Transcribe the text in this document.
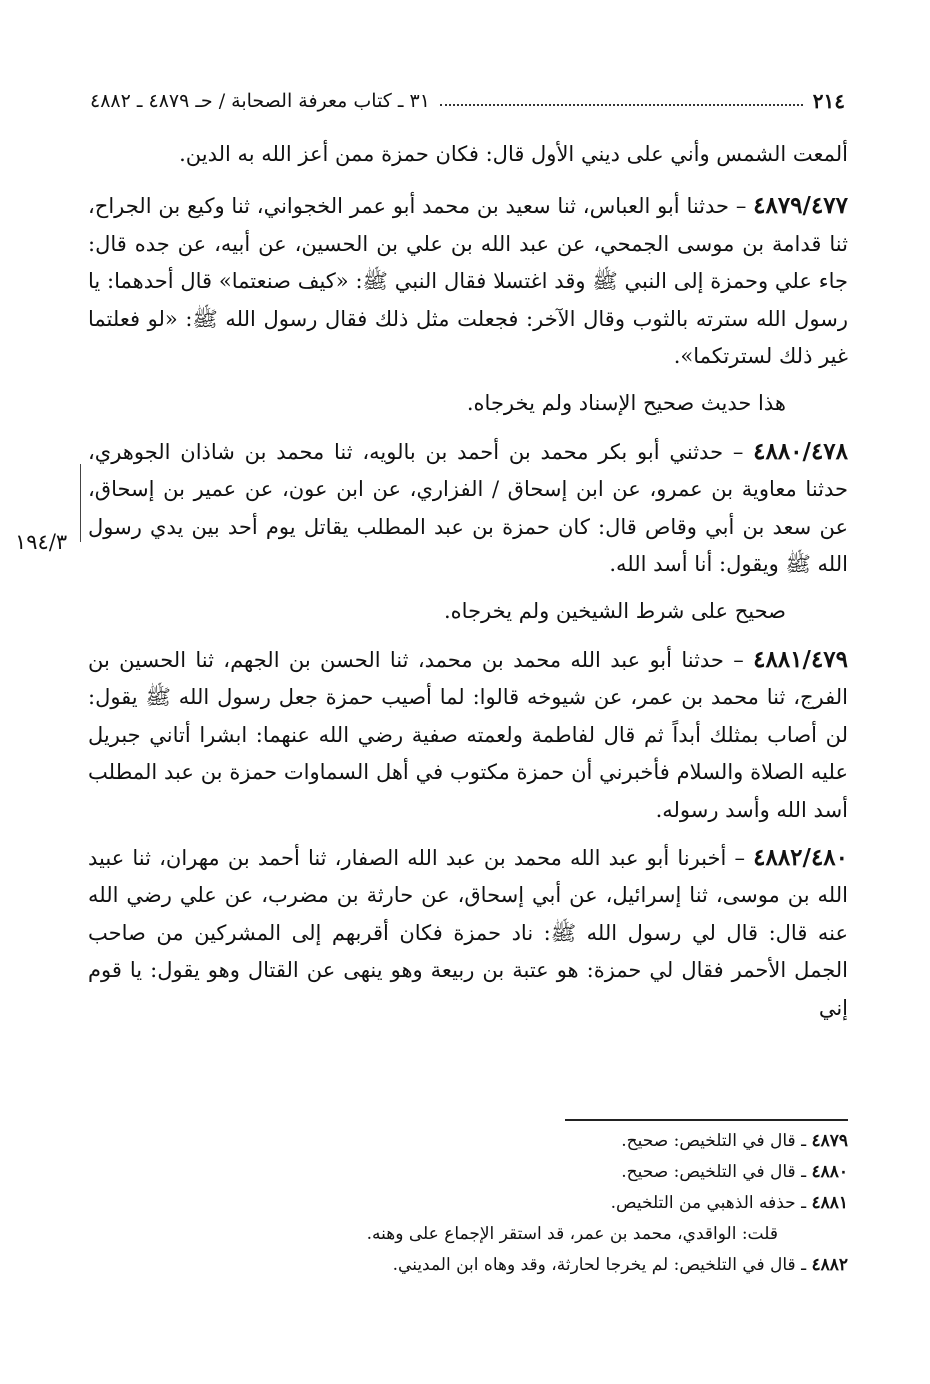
٢١٤
٣١ ـ كتاب معرفة الصحابة / حـ ٤٨٧٩ ـ ٤٨٨٢

ألمعت الشمس وأني على ديني الأول قال: فكان حمزة ممن أعز الله به الدين.

٤٨٧٩/٤٧٧ – حدثنا أبو العباس، ثنا سعيد بن محمد أبو عمر الخجواني، ثنا وكيع بن الجراح، ثنا قدامة بن موسى الجمحي، عن عبد الله بن علي بن الحسين، عن أبيه، عن جده قال: جاء علي وحمزة إلى النبي ﷺ وقد اغتسلا فقال النبي ﷺ: «كيف صنعتما» قال أحدهما: يا رسول الله سترته بالثوب وقال الآخر: فجعلت مثل ذلك فقال رسول الله ﷺ: «لو فعلتما غير ذلك لسترتكما».

هذا حديث صحيح الإسناد ولم يخرجاه.

٤٨٨٠/٤٧٨ – حدثني أبو بكر محمد بن أحمد بن بالويه، ثنا محمد بن شاذان الجوهري، حدثنا معاوية بن عمرو، عن ابن إسحاق / الفزاري، عن ابن عون، عن عمير بن إسحاق، عن سعد بن أبي وقاص قال: كان حمزة بن عبد المطلب يقاتل يوم أحد بين يدي رسول الله ﷺ ويقول: أنا أسد الله.

صحيح على شرط الشيخين ولم يخرجاه.

٤٨٨١/٤٧٩ – حدثنا أبو عبد الله محمد بن محمد، ثنا الحسن بن الجهم، ثنا الحسين بن الفرج، ثنا محمد بن عمر، عن شيوخه قالوا: لما أصيب حمزة جعل رسول الله ﷺ يقول: لن أصاب بمثلك أبداً ثم قال لفاطمة ولعمته صفية رضي الله عنهما: ابشرا أتاني جبريل عليه الصلاة والسلام فأخبرني أن حمزة مكتوب في أهل السماوات حمزة بن عبد المطلب أسد الله وأسد رسوله.

٤٨٨٢/٤٨٠ – أخبرنا أبو عبد الله محمد بن عبد الله الصفار، ثنا أحمد بن مهران، ثنا عبيد الله بن موسى، ثنا إسرائيل، عن أبي إسحاق، عن حارثة بن مضرب، عن علي رضي الله عنه قال: قال لي رسول الله ﷺ: ناد حمزة فكان أقربهم إلى المشركين من صاحب الجمل الأحمر فقال لي حمزة: هو عتبة بن ربيعة وهو ينهى عن القتال وهو يقول: يا قوم إني

١٩٤/٣
٤٨٧٩ ـ قال في التلخيص: صحيح.
٤٨٨٠ ـ قال في التلخيص: صحيح.
٤٨٨١ ـ حذفه الذهبي من التلخيص.
قلت: الواقدي، محمد بن عمر، قد استقر الإجماع على وهنه.
٤٨٨٢ ـ قال في التلخيص: لم يخرجا لحارثة، وقد وهاه ابن المديني.
